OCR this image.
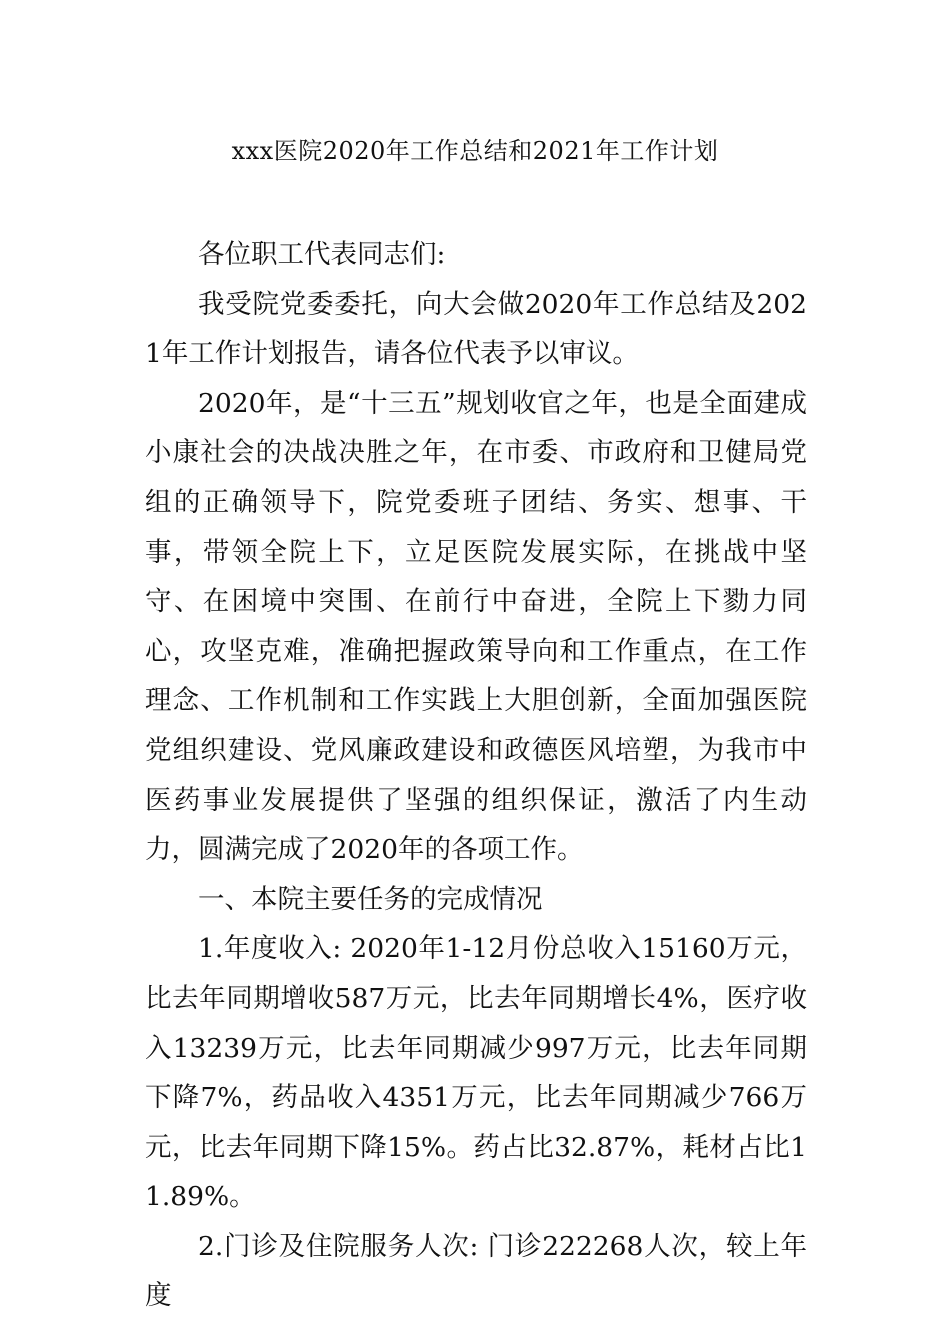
xxx医院2020年工作总结和2021年工作计划

各位职工代表同志们:

我受院党委委托，向大会做2020年工作总结及2021年工作计划报告，请各位代表予以审议。

2020年，是“十三五”规划收官之年，也是全面建成小康社会的决战决胜之年，在市委、市政府和卫健局党组的正确领导下，院党委班子团结、务实、想事、干事，带领全院上下，立足医院发展实际，在挑战中坚守、在困境中突围、在前行中奋进，全院上下勠力同心，攻坚克难，准确把握政策导向和工作重点，在工作理念、工作机制和工作实践上大胆创新，全面加强医院党组织建设、党风廉政建设和政德医风培塑，为我市中医药事业发展提供了坚强的组织保证，激活了内生动力，圆满完成了2020年的各项工作。

一、本院主要任务的完成情况

1.年度收入: 2020年1-12月份总收入15160万元，比去年同期增收587万元，比去年同期增长4%，医疗收入13239万元，比去年同期减少997万元，比去年同期下降7%，药品收入4351万元，比去年同期减少766万元，比去年同期下降15%。药占比32.87%，耗材占比11.89%。

2.门诊及住院服务人次: 门诊222268人次，较上年度
